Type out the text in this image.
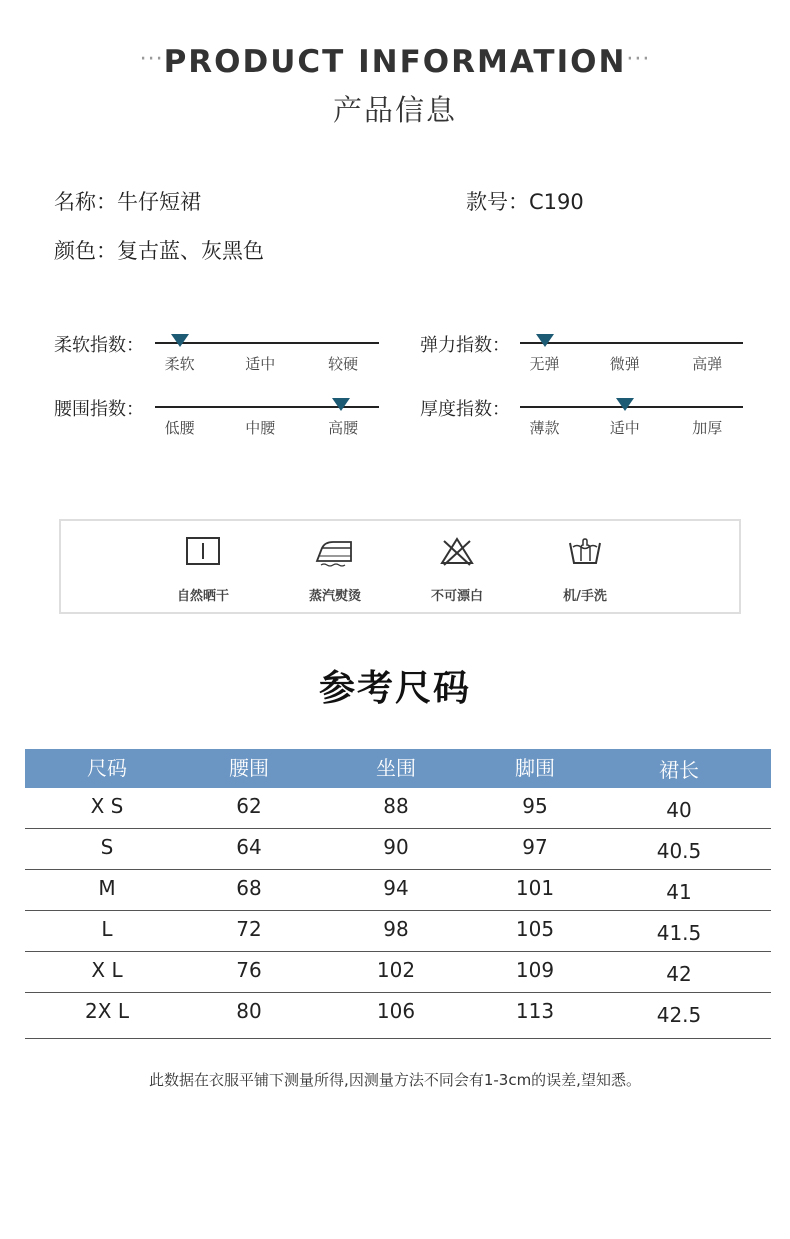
···PRODUCT INFORMATION···
产品信息
名称：牛仔短裙	款号：C190
颜色：复古蓝、灰黑色
柔软指数：
柔软	适中	较硬
弹力指数：
无弹	微弹	高弹
腰围指数：
低腰	中腰	高腰
厚度指数：
薄款	适中	加厚
自然晒干	蒸汽熨烫	不可漂白	机/手洗
参考尺码
尺码	腰围	坐围	脚围	裙长
X S	62	88	95	40
S	64	90	97	40.5
M	68	94	101	41
L	72	98	105	41.5
X L	76	102	109	42
2X L	80	106	113	42.5
此数据在衣服平铺下测量所得,因测量方法不同会有1-3cm的误差,望知悉。
